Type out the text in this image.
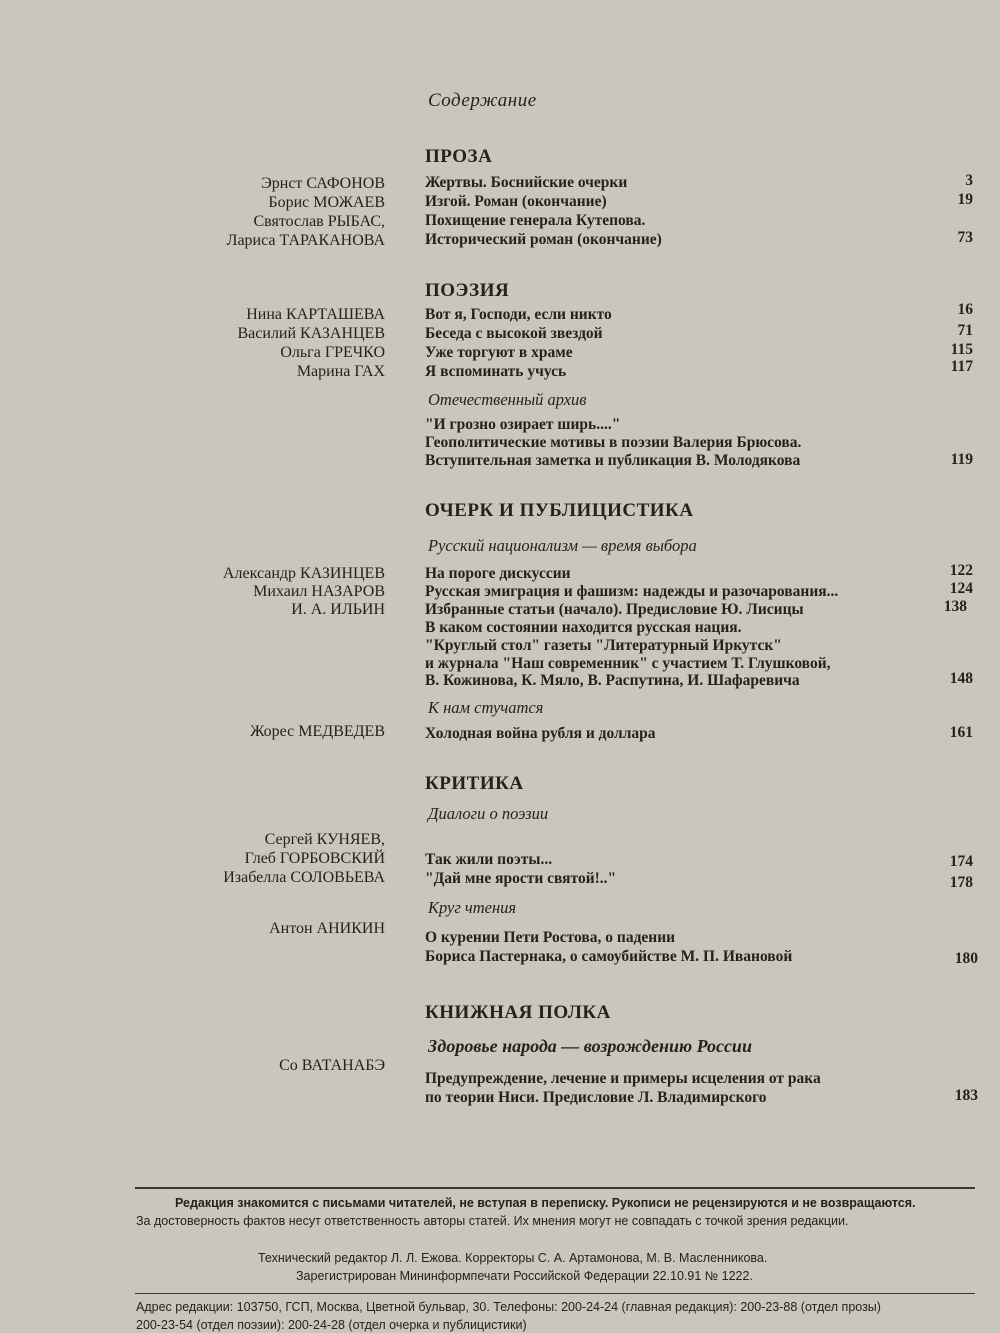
Содержание
ПРОЗА
Эрнст САФОНОВ	Жертвы. Боснийские очерки	3
Борис МОЖАЕВ	Изгой. Роман (окончание)	19
Святослав РЫБАС,	Похищение генерала Кутепова.
Лариса ТАРАКАНОВА	Исторический роман (окончание)	73
ПОЭЗИЯ
Нина КАРТАШЕВА	Вот я, Господи, если никто	16
Василий КАЗАНЦЕВ	Беседа с высокой звездой	71
Ольга ГРЕЧКО	Уже торгуют в храме	115
Марина ГАХ	Я вспоминать учусь	117
Отечественный архив
"И грозно озирает ширь...."
Геополитические мотивы в поэзии Валерия Брюсова.
Вступительная заметка и публикация В. Молодякова	119
ОЧЕРК И ПУБЛИЦИСТИКА
Русский национализм — время выбора
Александр КАЗИНЦЕВ	На пороге дискуссии	122
Михаил НАЗАРОВ	Русская эмиграция и фашизм: надежды и разочарования...	124
И. А. ИЛЬИН	Избранные статьи (начало). Предисловие Ю. Лисицы	138
В каком состоянии находится русская нация.
"Круглый стол" газеты "Литературный Иркутск"
и журнала "Наш современник" с участием Т. Глушковой,
В. Кожинова, К. Мяло, В. Распутина, И. Шафаревича	148
К нам стучатся
Жорес МЕДВЕДЕВ	Холодная война рубля и доллара	161
КРИТИКА
Диалоги о поэзии
Сергей КУНЯЕВ,
Глеб ГОРБОВСКИЙ	Так жили поэты...	174
Изабелла СОЛОВЬЕВА	"Дай мне ярости святой!.."	178
Круг чтения
Антон АНИКИН
О курении Пети Ростова, о падении
Бориса Пастернака, о самоубийстве М. П. Ивановой	180
КНИЖНАЯ ПОЛКА
Здоровье народа — возрождению России
Со ВАТАНАБЭ
Предупреждение, лечение и примеры исцеления от рака
по теории Ниси. Предисловие Л. Владимирского	183
Редакция знакомится с письмами читателей, не вступая в переписку. Рукописи не рецензируются и не возвращаются.
За достоверность фактов несут ответственность авторы статей. Их мнения могут не совпадать с точкой зрения редакции.
Технический редактор Л. Л. Ежова. Корректоры С. А. Артамонова, М. В. Масленникова.
Зарегистрирован Мининформпечати Российской Федерации 22.10.91 № 1222.
Адрес редакции: 103750, ГСП, Москва, Цветной бульвар, 30. Телефоны: 200-24-24 (главная редакция): 200-23-88 (отдел прозы)
200-23-54 (отдел поэзии): 200-24-28 (отдел очерка и публицистики)
